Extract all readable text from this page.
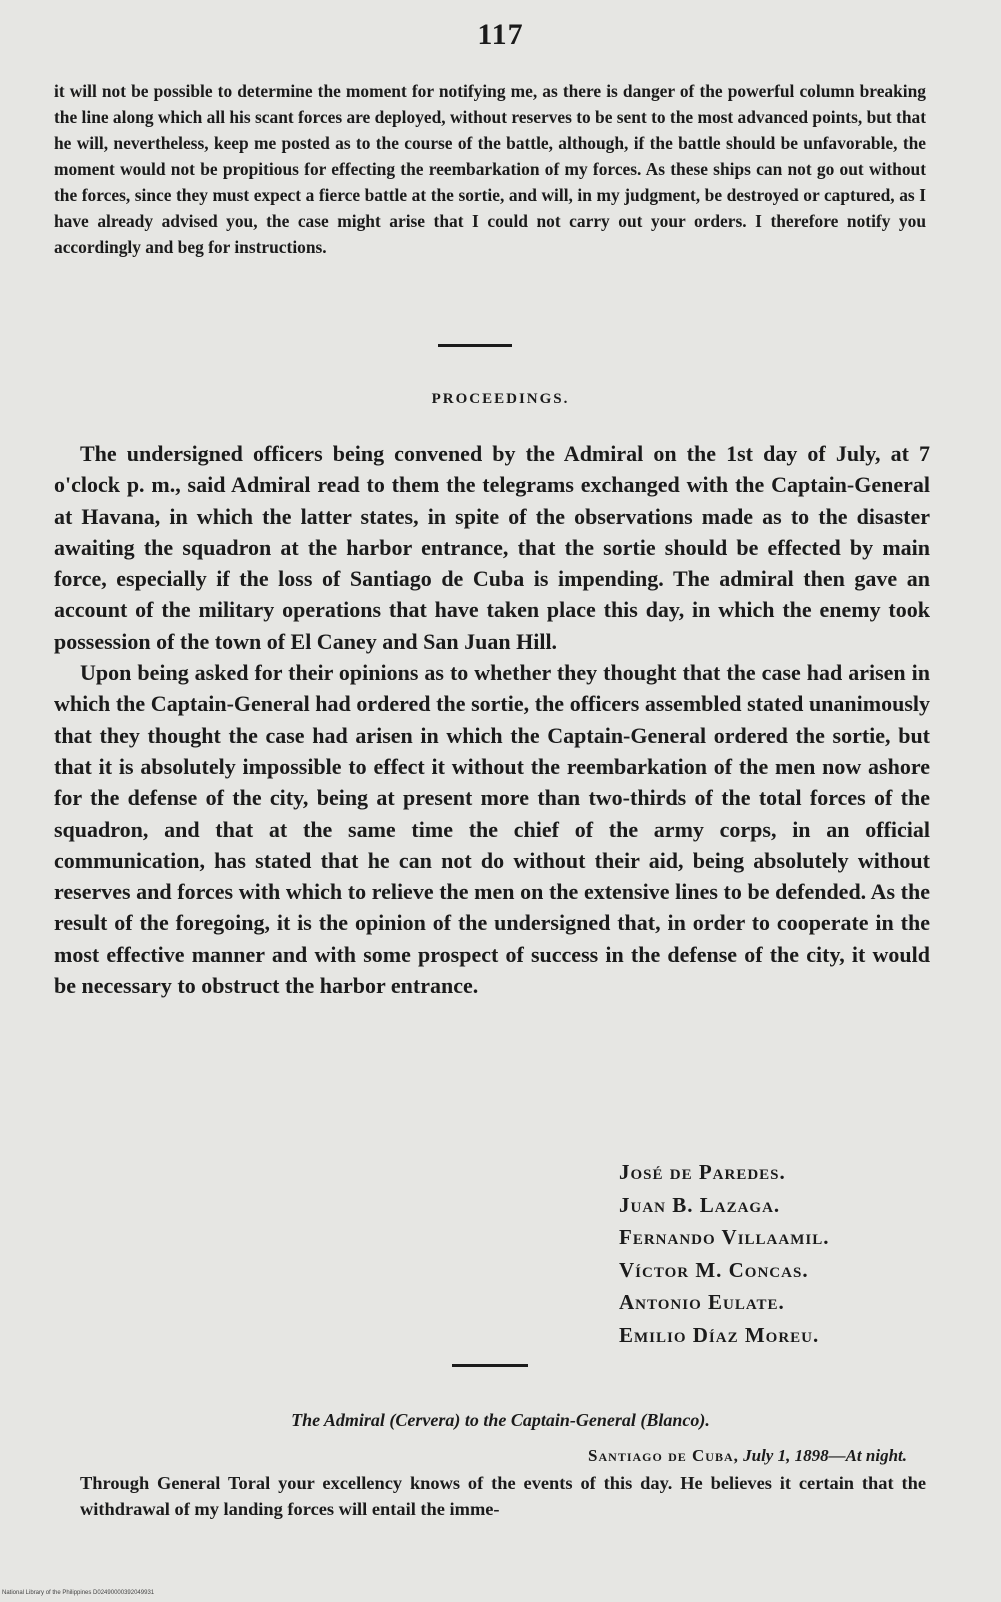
117
it will not be possible to determine the moment for notifying me, as there is danger of the powerful column breaking the line along which all his scant forces are deployed, without reserves to be sent to the most advanced points, but that he will, nevertheless, keep me posted as to the course of the battle, although, if the battle should be unfavorable, the moment would not be propitious for effecting the reembarkation of my forces. As these ships can not go out without the forces, since they must expect a fierce battle at the sortie, and will, in my judgment, be destroyed or captured, as I have already advised you, the case might arise that I could not carry out your orders. I therefore notify you accordingly and beg for instructions.
PROCEEDINGS.

The undersigned officers being convened by the Admiral on the 1st day of July, at 7 o'clock p. m., said Admiral read to them the telegrams exchanged with the Captain-General at Havana, in which the latter states, in spite of the observations made as to the disaster awaiting the squadron at the harbor entrance, that the sortie should be effected by main force, especially if the loss of Santiago de Cuba is impending. The admiral then gave an account of the military operations that have taken place this day, in which the enemy took possession of the town of El Caney and San Juan Hill.

Upon being asked for their opinions as to whether they thought that the case had arisen in which the Captain-General had ordered the sortie, the officers assembled stated unanimously that they thought the case had arisen in which the Captain-General ordered the sortie, but that it is absolutely impossible to effect it without the reembarkation of the men now ashore for the defense of the city, being at present more than two-thirds of the total forces of the squadron, and that at the same time the chief of the army corps, in an official communication, has stated that he can not do without their aid, being absolutely without reserves and forces with which to relieve the men on the extensive lines to be defended. As the result of the foregoing, it is the opinion of the undersigned that, in order to cooperate in the most effective manner and with some prospect of success in the defense of the city, it would be necessary to obstruct the harbor entrance.

José de Paredes.
Juan B. Lazaga.
Fernando Villaamil.
Víctor M. Concas.
Antonio Eulate.
Emilio Díaz Moreu.
The Admiral (Cervera) to the Captain-General (Blanco).
Santiago de Cuba, July 1, 1898—At night.
Through General Toral your excellency knows of the events of this day. He believes it certain that the withdrawal of my landing forces will entail the imme-
National Library of the Philippines D02490000392049931
